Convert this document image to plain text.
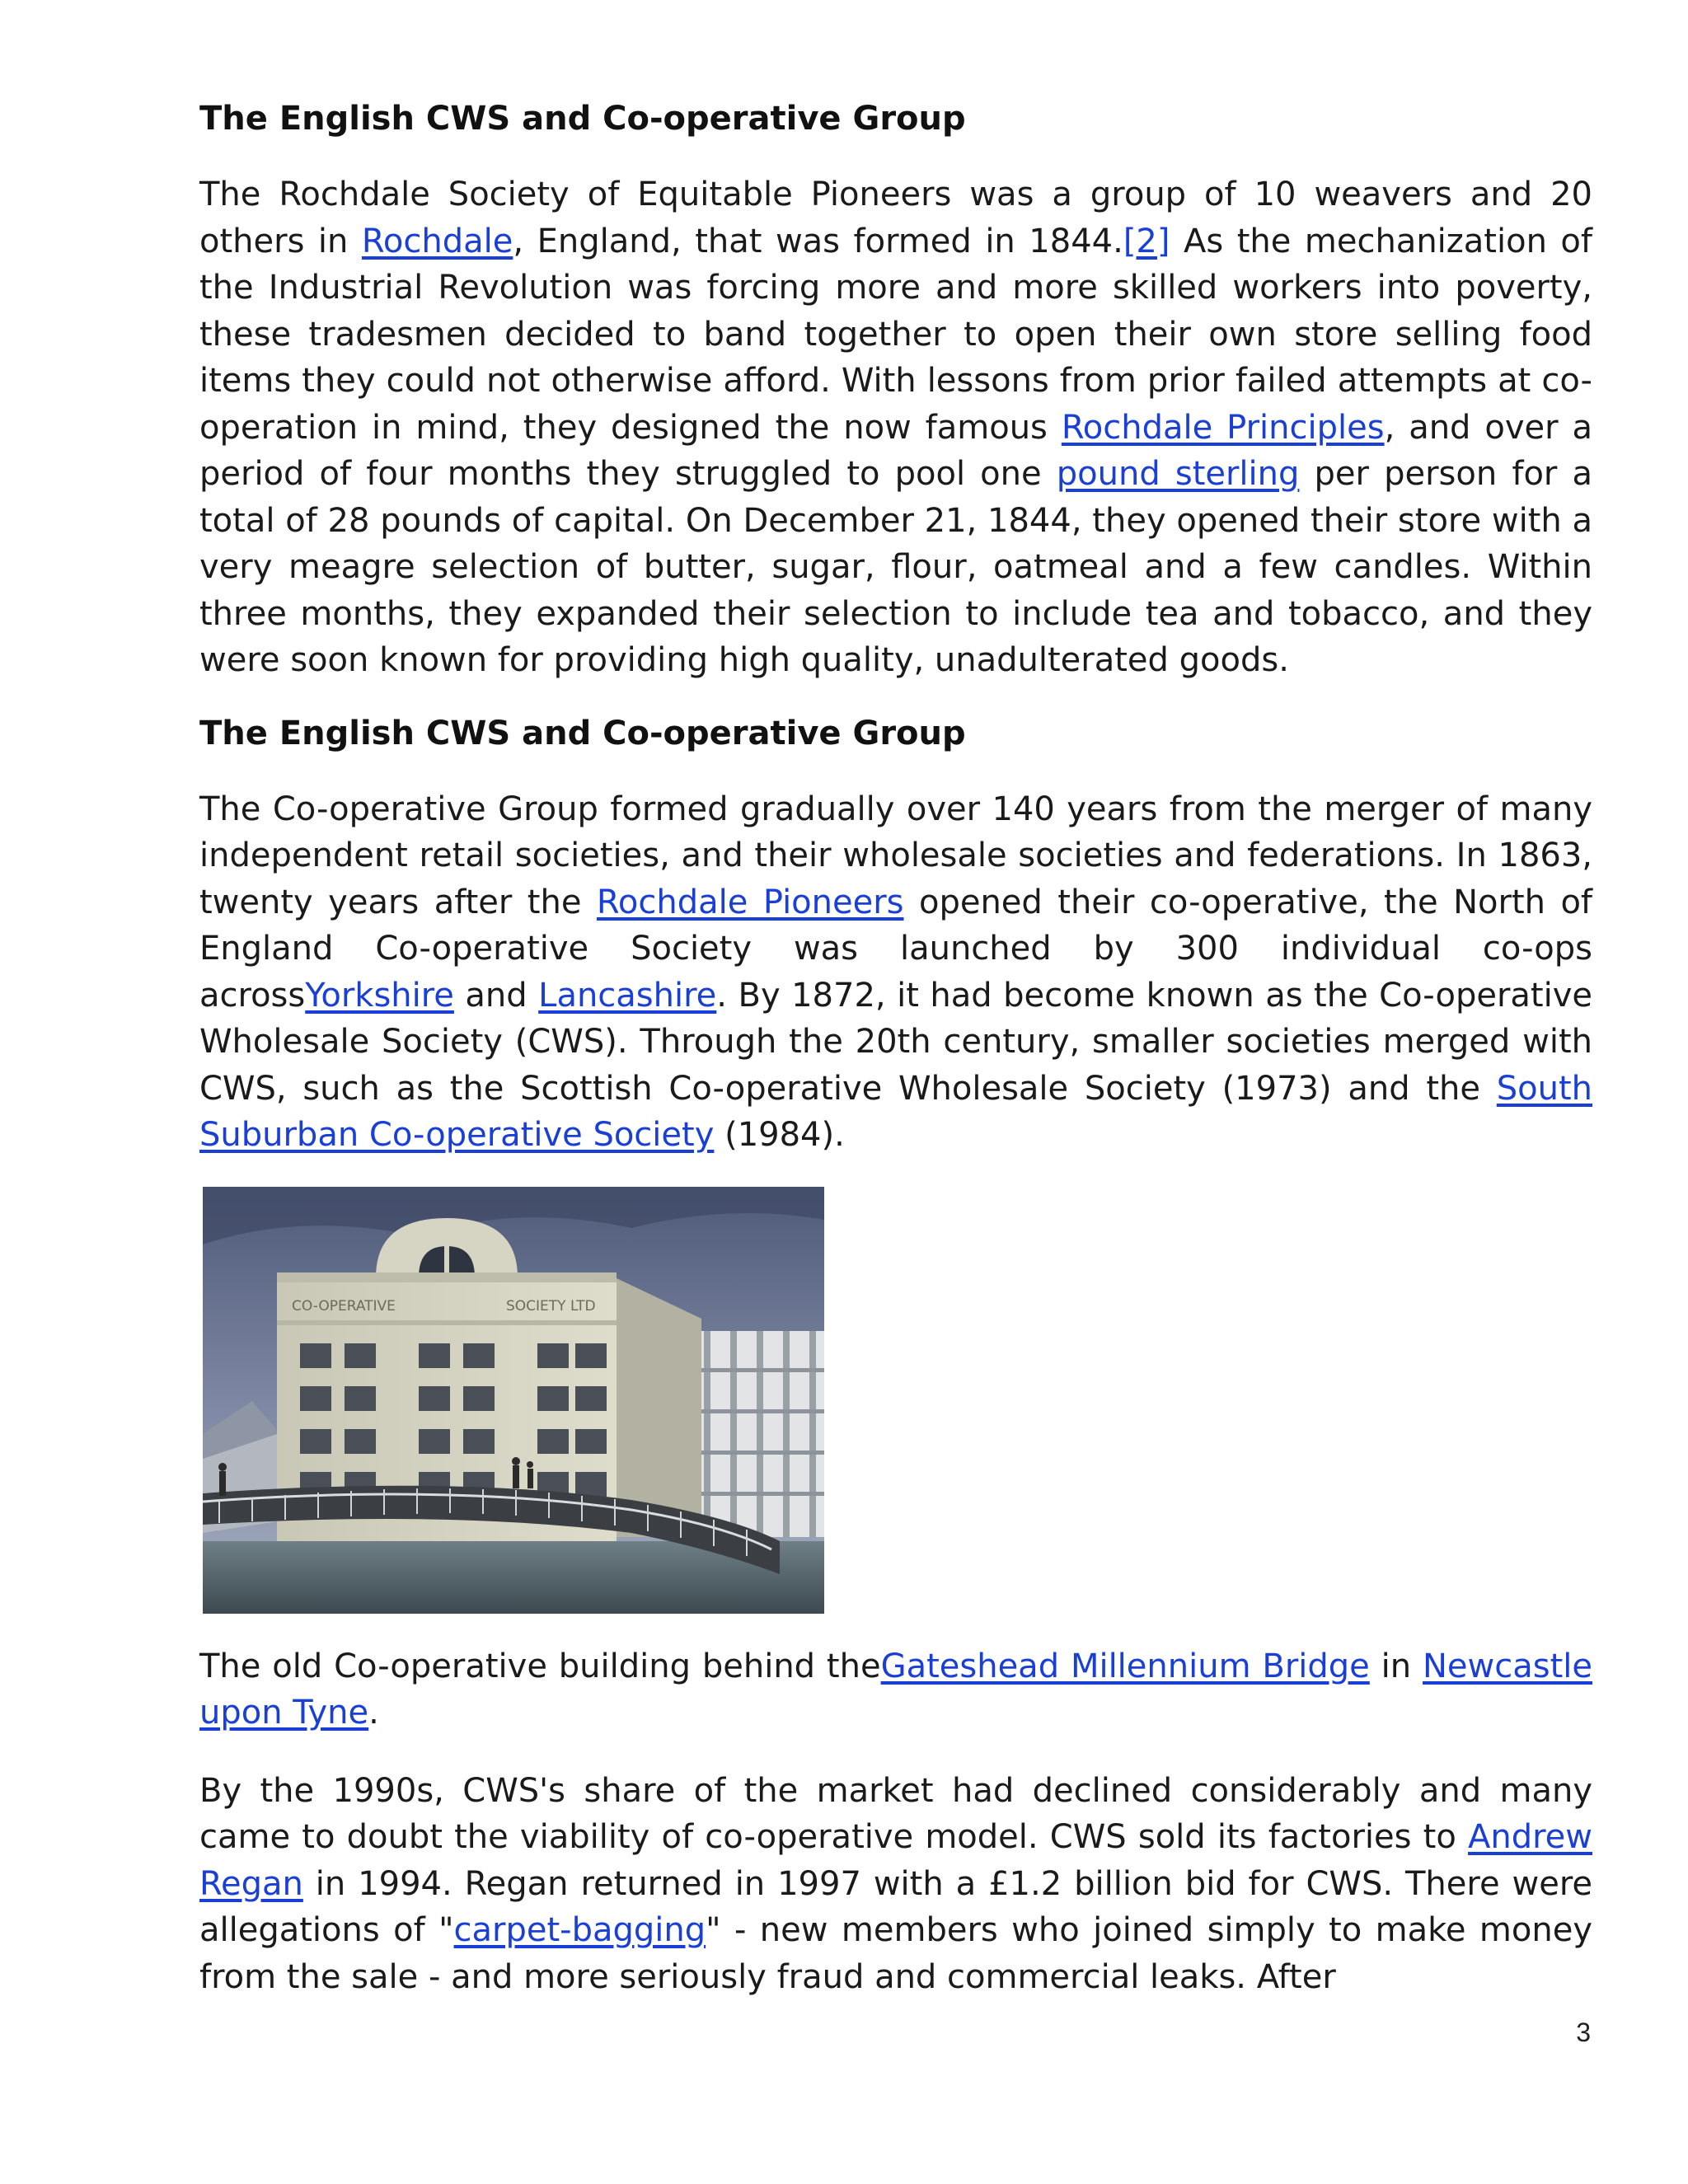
The English CWS and Co-operative Group

The Rochdale Society of Equitable Pioneers was a group of 10 weavers and 20 others in Rochdale, England, that was formed in 1844.[2] As the mechanization of the Industrial Revolution was forcing more and more skilled workers into poverty, these tradesmen decided to band together to open their own store selling food items they could not otherwise afford. With lessons from prior failed attempts at co-operation in mind, they designed the now famous Rochdale Principles, and over a period of four months they struggled to pool one pound sterling per person for a total of 28 pounds of capital. On December 21, 1844, they opened their store with a very meagre selection of butter, sugar, flour, oatmeal and a few candles. Within three months, they expanded their selection to include tea and tobacco, and they were soon known for providing high quality, unadulterated goods.

The English CWS and Co-operative Group

The Co-operative Group formed gradually over 140 years from the merger of many independent retail societies, and their wholesale societies and federations. In 1863, twenty years after the Rochdale Pioneers opened their co-operative, the North of England Co-operative Society was launched by 300 individual co-ops acrossYorkshire and Lancashire. By 1872, it had become known as the Co-operative Wholesale Society (CWS). Through the 20th century, smaller societies merged with CWS, such as the Scottish Co-operative Wholesale Society (1973) and the South Suburban Co-operative Society (1984).

CO-OPERATIVE	SOCIETY LTD

The old Co-operative building behind theGateshead Millennium Bridge in Newcastle upon Tyne.

By the 1990s, CWS's share of the market had declined considerably and many came to doubt the viability of co-operative model. CWS sold its factories to Andrew Regan in 1994. Regan returned in 1997 with a £1.2 billion bid for CWS. There were allegations of "carpet-bagging" - new members who joined simply to make money from the sale - and more seriously fraud and commercial leaks. After

3
